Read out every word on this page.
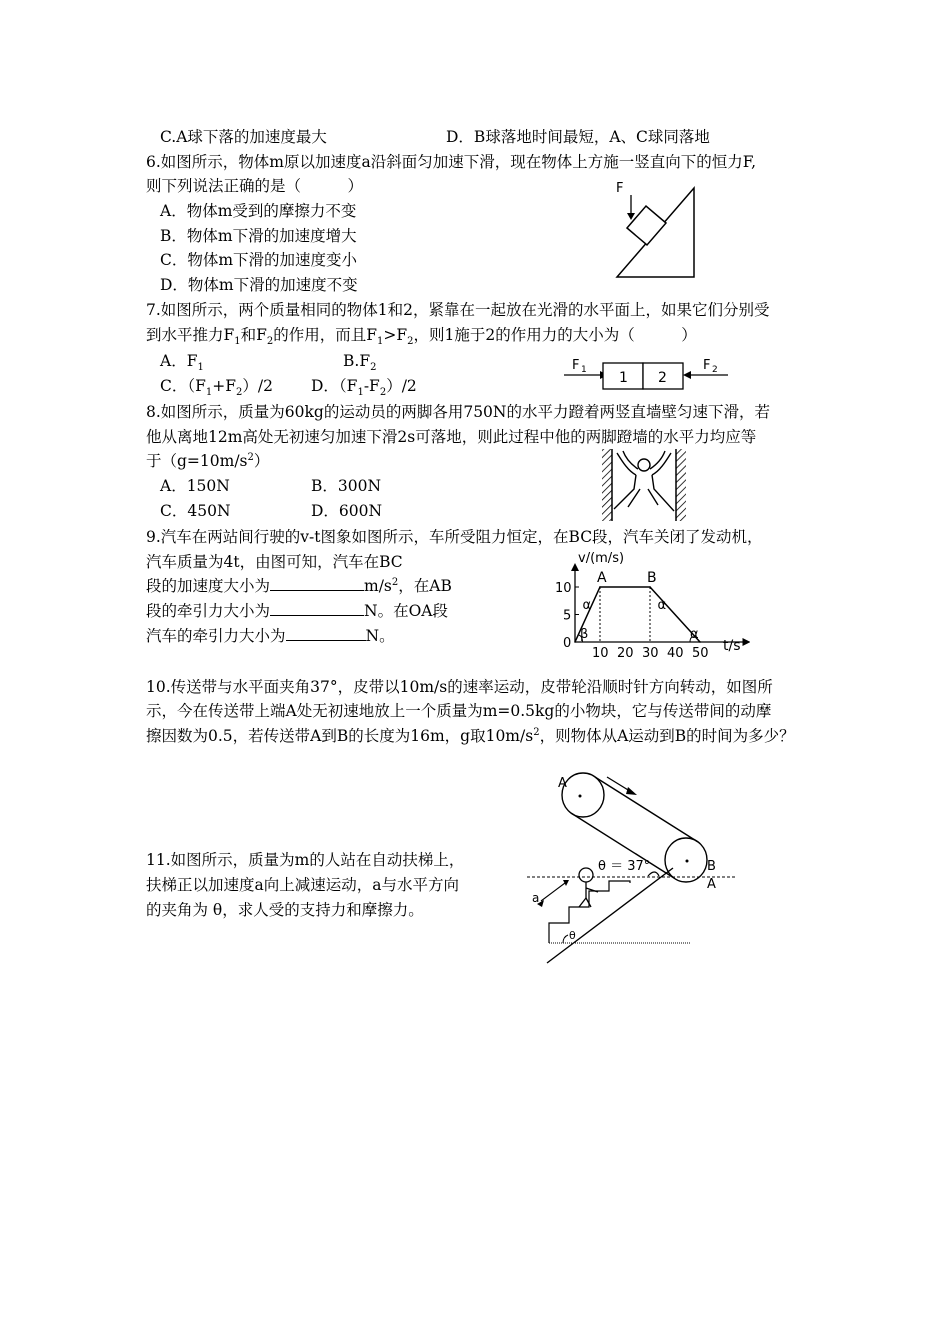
C.A球下落的加速度最大	D．B球落地时间最短，A、C球同落地
6.如图所示，物体m原以加速度a沿斜面匀加速下滑，现在物体上方施一竖直向下的恒力F,
则下列说法正确的是（　　　）
A．物体m受到的摩擦力不变
B．物体m下滑的加速度增大
C．物体m下滑的加速度变小
D．物体m下滑的加速度不变
F
7.如图所示，两个质量相同的物体1和2，紧靠在一起放在光滑的水平面上，如果它们分别受
到水平推力$F_1$和$F_2$的作用，而且$F_1>F_2$，则1施于2的作用力的大小为（　　　）
A．$F_1$	$B.F_2$
C．$(F_1+F_2)/2$ D．$(F_1-F_2)/2$
F 1 1 2
F 2
8.如图所示，质量为60kg的运动员的两脚各用750N的水平力蹬着两竖直墙壁匀速下滑，若
他从离地12m高处无初速匀加速下滑2s可落地，则此过程中他的两脚蹬墙的水平力均应等
于$(g=10m/s^2)$
A．150N	B．300N
C．450N	D．600N
9.汽车在两站间行驶的v-t图象如图所示，车所受阻力恒定，在BC段，汽车关闭了发动机，
汽车质量为4t，由图可知，汽车在BC
段的加速度大小为	$m/s^2$，在AB
段的牵引力大小为	N。在OA段
汽车的牵引力大小为	N。
10 20 30 40 50
0
5
10
A	B
β
α	α
α
v/(m/s)
t/s
10.传送带与水平面夹角37°，皮带以10m/s的速率运动，皮带轮沿顺时针方向转动，如图所
示，今在传送带上端A处无初速地放上一个质量为m=0.5kg的小物块，它与传送带间的动摩
擦因数为0.5，若传送带A到B的长度为16m，g取$10m/s^2$，则物体从A运动到B的时间为多少？
11.如图所示，质量为m的人站在自动扶梯上，
扶梯正以加速度a向上减速运动，a与水平方向
的夹角为 θ，求人受的支持力和摩擦力。
A
B
θ ＝ 37°
A
θ
a
